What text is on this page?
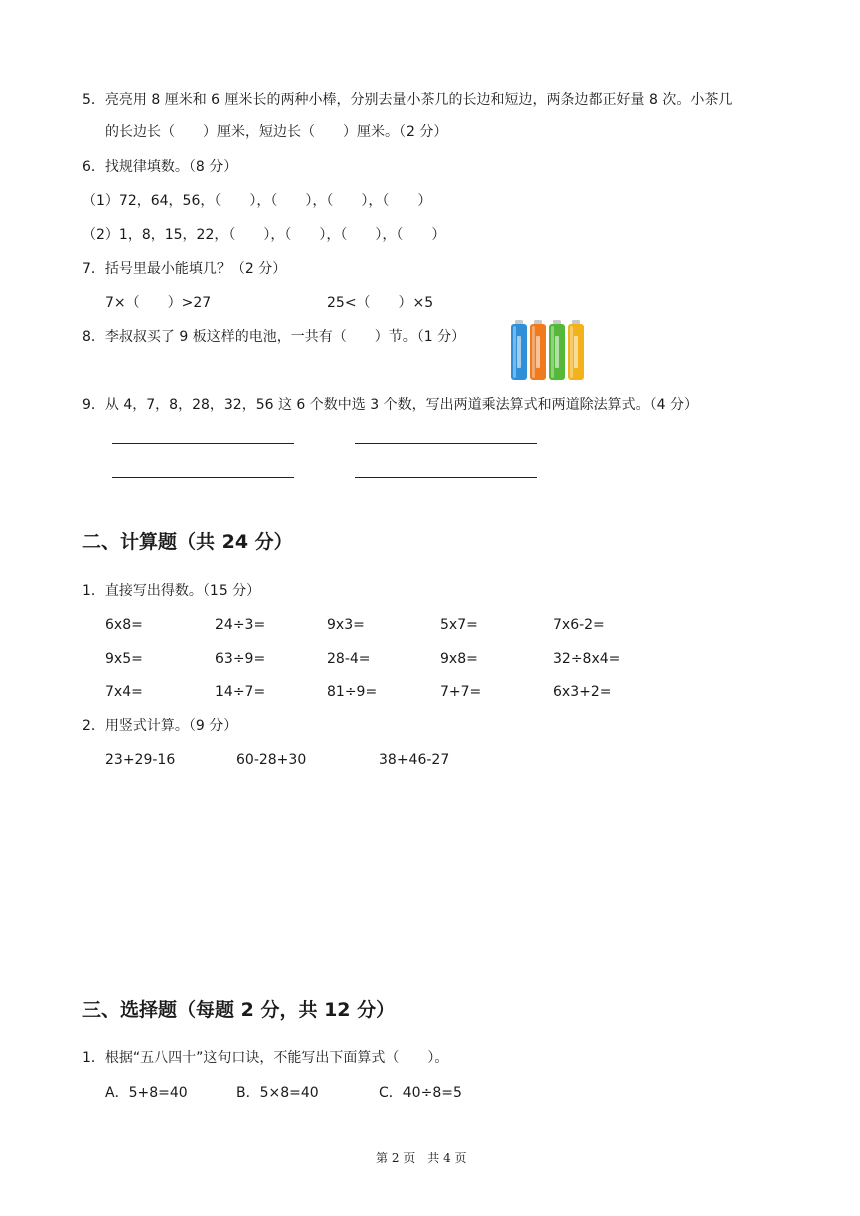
5．亮亮用 8 厘米和 6 厘米长的两种小棒，分别去量小茶几的长边和短边，两条边都正好量 8 次。小茶几
的长边长（　　）厘米，短边长（　　）厘米。（2 分）
6．找规律填数。（8 分）
（1）72，64，56，（　　），（　　），（　　），（　　）
（2）1，8，15，22，（　　），（　　），（　　），（　　）
7．括号里最小能填几？（2 分）
7×（　　）>27	25<（　　）×5
8．李叔叔买了 9 板这样的电池，一共有（　　）节。（1 分）
9．从 4，7，8，28，32，56 这 6 个数中选 3 个数，写出两道乘法算式和两道除法算式。（4 分）
二、计算题（共 24 分）
1．直接写出得数。（15 分）
6x8=	24÷3=	9x3=	5x7=	7x6-2=
9x5=	63÷9=	28-4=	9x8=	32÷8x4=
7x4=	14÷7=	81÷9=	7+7=	6x3+2=
2．用竖式计算。（9 分）
23+29-16	60-28+30	38+46-27
三、选择题（每题 2 分，共 12 分）
1．根据“五八四十”这句口诀，不能写出下面算式（　　）。
A．5+8=40	B．5×8=40	C．40÷8=5
第 2 页　共 4 页
